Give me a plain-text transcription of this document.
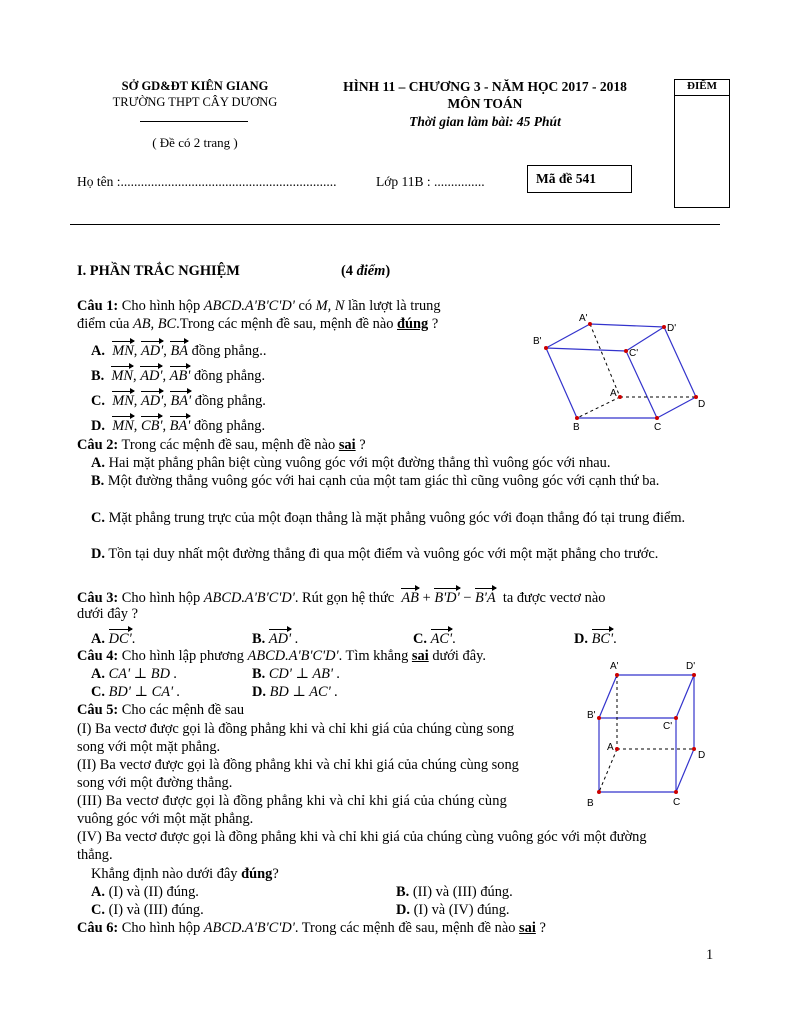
SỞ GD&ĐT KIÊN GIANG
TRƯỜNG THPT CÂY DƯƠNG
( Đề có 2 trang )
HÌNH 11 – CHƯƠNG 3 - NĂM HỌC 2017 - 2018
MÔN TOÁN
Thời gian làm bài: 45 Phút
ĐIỂM
Họ tên :................................................................	Lớp 11B : ...............	Mã đề 541
I. PHẦN TRẮC NGHIỆM	(4 điểm)
Câu 1: Cho hình hộp ABCD.A'B'C'D' có M, N lần lượt là trung
điểm của AB, BC.Trong các mệnh đề sau, mệnh đề nào đúng ?
A. MN, AD', BA đồng phẳng..
B. MN, AD', AB' đồng phẳng.
C. MN, AD', BA' đồng phẳng.
D. MN, CB', BA' đồng phẳng.
A'
D'
B'
C'
A
D
B	C
Câu 2: Trong các mệnh đề sau, mệnh đề nào sai ?
A. Hai mặt phẳng phân biệt cùng vuông góc với một đường thẳng thì vuông góc với nhau.
B. Một đường thẳng vuông góc với hai cạnh của một tam giác thì cũng vuông góc với cạnh thứ ba.
C. Mặt phẳng trung trực của một đoạn thẳng là mặt phẳng vuông góc với đoạn thẳng đó tại trung điểm.
D. Tồn tại duy nhất một đường thẳng đi qua một điểm và vuông góc với một mặt phẳng cho trước.
Câu 3: Cho hình hộp ABCD.A'B'C'D'. Rút gọn hệ thức AB + B'D' − B'A ta được vectơ nào
dưới đây ?
A. DC'.	B. AD' .	C. AC'.	D. BC'.
Câu 4: Cho hình lập phương ABCD.A'B'C'D'. Tìm khẳng sai dưới đây.
A. CA' ⊥ BD .	B. CD' ⊥ AB' .
C. BD' ⊥ CA' .	D. BD ⊥ AC' .
A'	D'
B'
C'
A
D
B	C
Câu 5: Cho các mệnh đề sau
(I) Ba vectơ được gọi là đồng phẳng khi và chỉ khi giá của chúng cùng song
song với một mặt phẳng.
(II) Ba vectơ được gọi là đồng phẳng khi và chỉ khi giá của chúng cùng song
song với một đường thẳng.
(III) Ba vectơ được gọi là đồng phẳng khi và chỉ khi giá của chúng cùng
vuông góc với một mặt phẳng.
(IV) Ba vectơ được gọi là đồng phẳng khi và chỉ khi giá của chúng cùng vuông góc với một đường
thẳng.
Khẳng định nào dưới đây đúng?
A. (I) và (II) đúng.	B. (II) và (III) đúng.
C. (I) và (III) đúng.	D. (I) và (IV) đúng.
Câu 6: Cho hình hộp ABCD.A'B'C'D'. Trong các mệnh đề sau, mệnh đề nào sai ?
1
